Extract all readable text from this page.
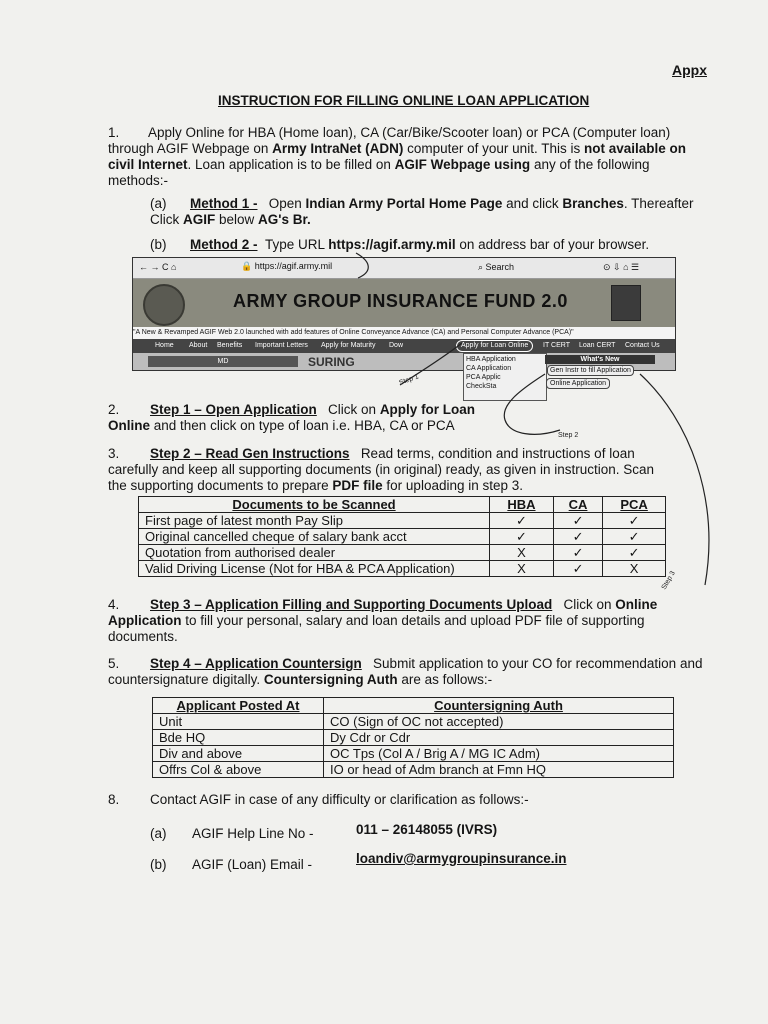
Appx
INSTRUCTION FOR FILLING ONLINE LOAN APPLICATION
1. Apply Online for HBA (Home loan), CA (Car/Bike/Scooter loan) or PCA (Computer loan)
through AGIF Webpage on Army IntraNet (ADN) computer of your unit. This is not available on
civil Internet. Loan application is to be filled on AGIF Webpage using any of the following
methods:-
(a) Method 1 - Open Indian Army Portal Home Page and click Branches. Thereafter
Click AGIF below AG's Br.
(b) Method 2 - Type URL https://agif.army.mil on address bar of your browser.
← → C ⌂	🔒 https://agif.army.mil	⌕ Search	⊙ ⇩ ⌂ ☰
ARMY GROUP INSURANCE FUND 2.0
"A New & Revamped AGIF Web 2.0 launched with add features of Online Conveyance Advance (CA) and Personal Computer Advance (PCA)"
Home About Benefits Important Letters Apply for Maturity Dow	Apply for Loan Online	IT CERT Loan CERT Contact Us
MD	SURING	HBA Application
CA Application
PCA Applic
CheckSta
What's New
Gen Instr to fill Application
Online Application
Step 1
Step 2
Step 3
2. Step 1 – Open Application Click on Apply for Loan
Online and then click on type of loan i.e. HBA, CA or PCA
3. Step 2 – Read Gen Instructions Read terms, condition and instructions of loan
carefully and keep all supporting documents (in original) ready, as given in instruction. Scan
the supporting documents to prepare PDF file for uploading in step 3.
Documents to be Scanned	HBA	CA	PCA
First page of latest month Pay Slip	✓	✓	✓
Original cancelled cheque of salary bank acct	✓	✓	✓
Quotation from authorised dealer	X	✓	✓
Valid Driving License (Not for HBA & PCA Application)	X	✓	X
4. Step 3 – Application Filling and Supporting Documents Upload Click on Online
Application to fill your personal, salary and loan details and upload PDF file of supporting
documents.
5. Step 4 – Application Countersign Submit application to your CO for recommendation and
countersignature digitally. Countersigning Auth are as follows:-
Applicant Posted At	Countersigning Auth
Unit	CO (Sign of OC not accepted)
Bde HQ	Dy Cdr or Cdr
Div and above	OC Tps (Col A / Brig A / MG IC Adm)
Offrs Col & above	IO or head of Adm branch at Fmn HQ
8. Contact AGIF in case of any difficulty or clarification as follows:-
(a) AGIF Help Line No -	011 – 26148055 (IVRS)
(b) AGIF (Loan) Email -	loandiv@armygroupinsurance.in
